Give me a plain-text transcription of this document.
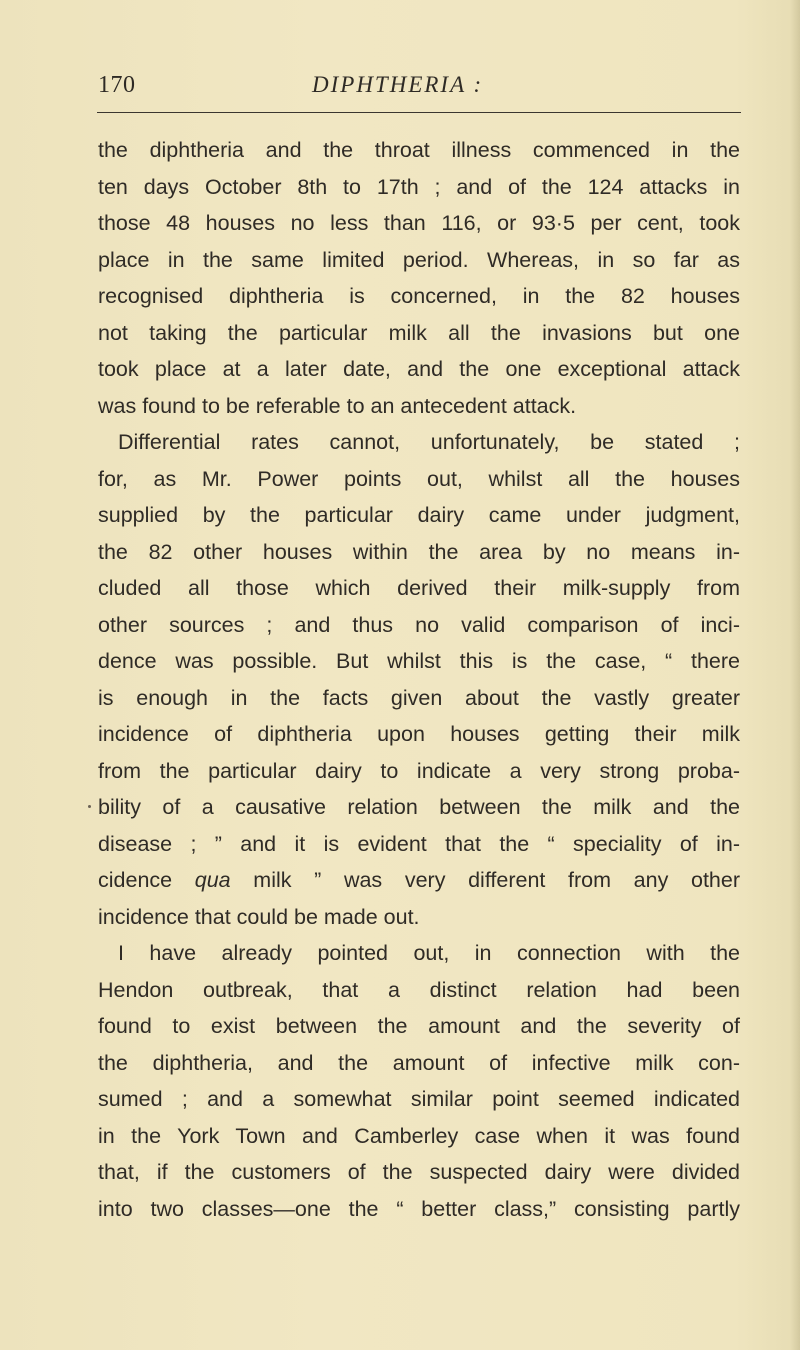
170	DIPHTHERIA :
the diphtheria and the throat illness commenced in the
ten days October 8th to 17th ; and of the 124 attacks in
those 48 houses no less than 116, or 93·5 per cent, took
place in the same limited period. Whereas, in so far as
recognised diphtheria is concerned, in the 82 houses
not taking the particular milk all the invasions but one
took place at a later date, and the one exceptional attack
was found to be referable to an antecedent attack.
Differential rates cannot, unfortunately, be stated ;
for, as Mr. Power points out, whilst all the houses
supplied by the particular dairy came under judgment,
the 82 other houses within the area by no means in-
cluded all those which derived their milk-supply from
other sources ; and thus no valid comparison of inci-
dence was possible. But whilst this is the case, “ there
is enough in the facts given about the vastly greater
incidence of diphtheria upon houses getting their milk
from the particular dairy to indicate a very strong proba-
bility of a causative relation between the milk and the
disease ; ” and it is evident that the “ speciality of in-
cidence qua milk ” was very different from any other
incidence that could be made out.
I have already pointed out, in connection with the
Hendon outbreak, that a distinct relation had been
found to exist between the amount and the severity of
the diphtheria, and the amount of infective milk con-
sumed ; and a somewhat similar point seemed indicated
in the York Town and Camberley case when it was found
that, if the customers of the suspected dairy were divided
into two classes—one the “ better class,” consisting partly
